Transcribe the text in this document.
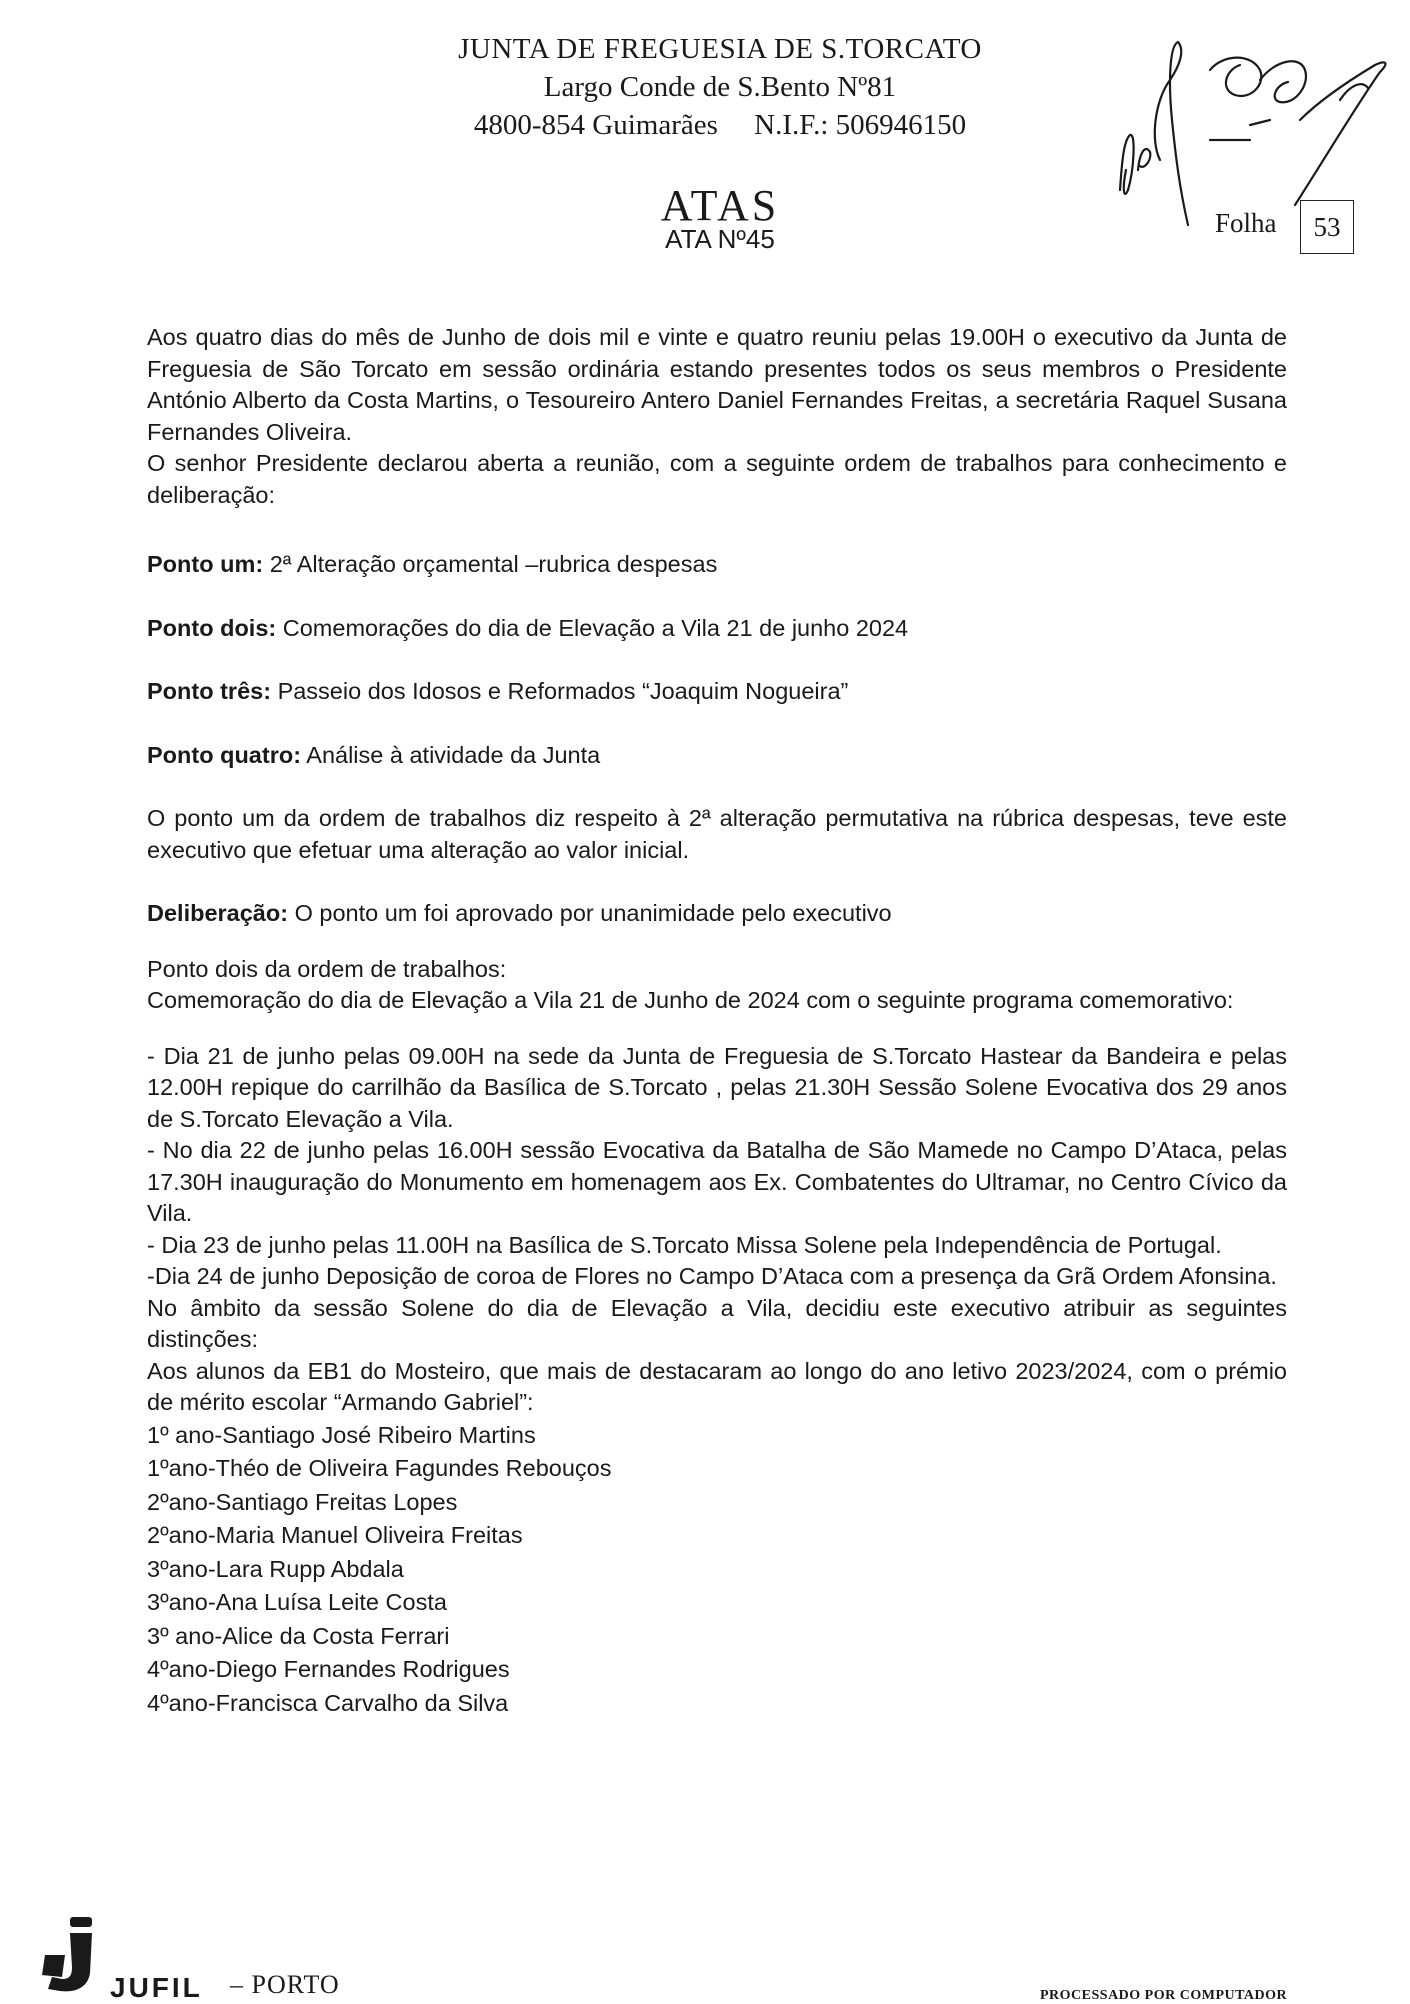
JUNTA DE FREGUESIA DE S.TORCATO
Largo Conde de S.Bento Nº81
4800-854 Guimarães N.I.F.: 506946150
ATAS
ATA Nº45
Folha	53

Aos quatro dias do mês de Junho de dois mil e vinte e quatro reuniu pelas 19.00H o executivo da Junta de Freguesia de São Torcato em sessão ordinária estando presentes todos os seus membros o Presidente António Alberto da Costa Martins, o Tesoureiro Antero Daniel Fernandes Freitas, a secretária Raquel Susana Fernandes Oliveira.

O senhor Presidente declarou aberta a reunião, com a seguinte ordem de trabalhos para conhecimento e deliberação:

Ponto um: 2ª Alteração orçamental –rubrica despesas

Ponto dois: Comemorações do dia de Elevação a Vila 21 de junho 2024

Ponto três: Passeio dos Idosos e Reformados “Joaquim Nogueira”

Ponto quatro: Análise à atividade da Junta

O ponto um da ordem de trabalhos diz respeito à 2ª alteração permutativa na rúbrica despesas, teve este executivo que efetuar uma alteração ao valor inicial.

Deliberação: O ponto um foi aprovado por unanimidade pelo executivo

Ponto dois da ordem de trabalhos:

Comemoração do dia de Elevação a Vila 21 de Junho de 2024 com o seguinte programa comemorativo:

- Dia 21 de junho pelas 09.00H na sede da Junta de Freguesia de S.Torcato Hastear da Bandeira e pelas 12.00H repique do carrilhão da Basílica de S.Torcato , pelas 21.30H Sessão Solene Evocativa dos 29 anos de S.Torcato Elevação a Vila.

- No dia 22 de junho pelas 16.00H sessão Evocativa da Batalha de São Mamede no Campo D’Ataca, pelas 17.30H inauguração do Monumento em homenagem aos Ex. Combatentes do Ultramar, no Centro Cívico da Vila.

- Dia 23 de junho pelas 11.00H na Basílica de S.Torcato Missa Solene pela Independência de Portugal.

-Dia 24 de junho Deposição de coroa de Flores no Campo D’Ataca com a presença da Grã Ordem Afonsina.

No âmbito da sessão Solene do dia de Elevação a Vila, decidiu este executivo atribuir as seguintes distinções:

Aos alunos da EB1 do Mosteiro, que mais de destacaram ao longo do ano letivo 2023/2024, com o prémio de mérito escolar “Armando Gabriel”:

1º ano-Santiago José Ribeiro Martins
1ºano-Théo de Oliveira Fagundes Rebouços
2ºano-Santiago Freitas Lopes
2ºano-Maria Manuel Oliveira Freitas
3ºano-Lara Rupp Abdala
3ºano-Ana Luísa Leite Costa
3º ano-Alice da Costa Ferrari
4ºano-Diego Fernandes Rodrigues
4ºano-Francisca Carvalho da Silva
JUFIL – PORTO	PROCESSADO POR COMPUTADOR
